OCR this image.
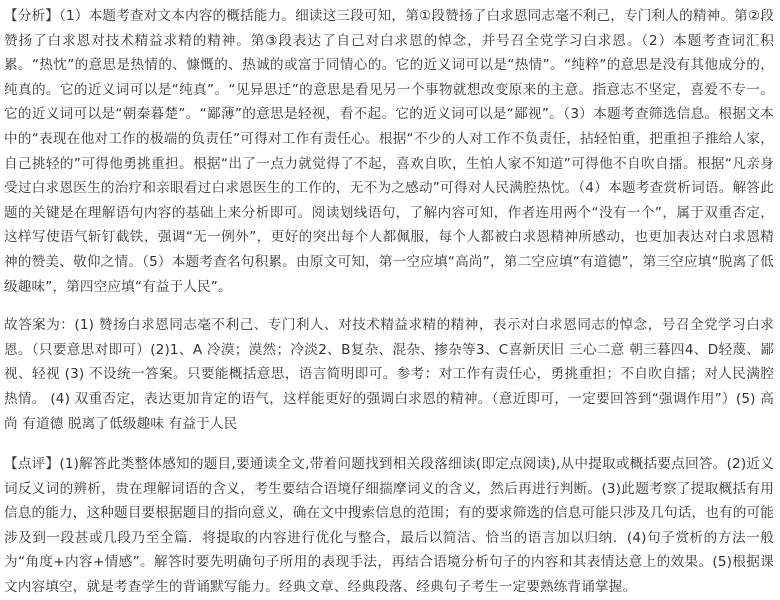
【分析】（1）本题考查对文本内容的概括能力。细读这三段可知，第①段赞扬了白求恩同志毫不利己，专门利人的精神。第②段赞扬了白求恩对技术精益求精的精神。第③段表达了自己对白求恩的悼念，并号召全党学习白求恩。（2）本题考查词汇积累。“热忱”的意思是热情的、慷慨的、热诚的或富于同情心的。它的近义词可以是“热情”。“纯粹”的意思是没有其他成分的，纯真的。它的近义词可以是“纯真”。“见异思迁”的意思是看见另一个事物就想改变原来的主意。指意志不坚定，喜爱不专一。它的近义词可以是“朝秦暮楚”。“鄙薄”的意思是轻视，看不起。它的近义词可以是“鄙视”。（3）本题考查筛选信息。根据文本中的“表现在他对工作的极端的负责任”可得对工作有责任心。根据“不少的人对工作不负责任，拈轻怕重，把重担子推给人家，自己挑轻的”可得他勇挑重担。根据“出了一点力就觉得了不起，喜欢自吹，生怕人家不知道”可得他不自吹自擂。根据“凡亲身受过白求恩医生的治疗和亲眼看过白求恩医生的工作的，无不为之感动”可得对人民满腔热忱。（4）本题考查赏析词语。解答此题的关键是在理解语句内容的基础上来分析即可。阅读划线语句，了解内容可知，作者连用两个“没有一个”，属于双重否定，这样写使语气斩钉截铁，强调“无一例外”，更好的突出每个人都佩服，每个人都被白求恩精神所感动，也更加表达对白求恩精神的赞美、敬仰之情。（5）本题考查名句积累。由原文可知，第一空应填“高尚”，第二空应填“有道德”，第三空应填“脱离了低级趣味”，第四空应填“有益于人民”。

故答案为：(1) 赞扬白求恩同志毫不利己、专门利人、对技术精益求精的精神，表示对白求恩同志的悼念，号召全党学习白求恩。（只要意思对即可）(2)1、A 冷漠；漠然；冷淡2、B复杂、混杂、掺杂等3、C喜新厌旧 三心二意 朝三暮四4、D轻蔑、鄙视、轻视 (3) 不设统一答案。只要能概括意思，语言简明即可。参考：对工作有责任心，勇挑重担；不自吹自擂；对人民满腔热情。 (4) 双重否定，表达更加肯定的语气，这样能更好的强调白求恩的精神。（意近即可，一定要回答到“强调作用”）(5) 高尚 有道德 脱离了低级趣味 有益于人民

【点评】(1)解答此类整体感知的题目,要通读全文,带着问题找到相关段落细读(即定点阅读),从中提取或概括要点回答。(2)近义词反义词的辨析，贵在理解词语的含义，考生要结合语境仔细揣摩词义的含义，然后再进行判断。(3)此题考察了提取概括有用信息的能力，这种题目要根据题目的指向意义，确在文中搜索信息的范围；有的要求筛选的信息可能只涉及几句话，也有的可能涉及到一段甚或几段乃至全篇．将提取的内容进行优化与整合，最后以简洁、恰当的语言加以归纳．(4)句子赏析的方法一般为“角度+内容+情感”。解答时要先明确句子所用的表现手法，再结合语境分析句子的内容和其表情达意上的效果。(5)根据课文内容填空，就是考查学生的背诵默写能力。经典文章、经典段落、经典句子考生一定要熟练背诵掌握。
